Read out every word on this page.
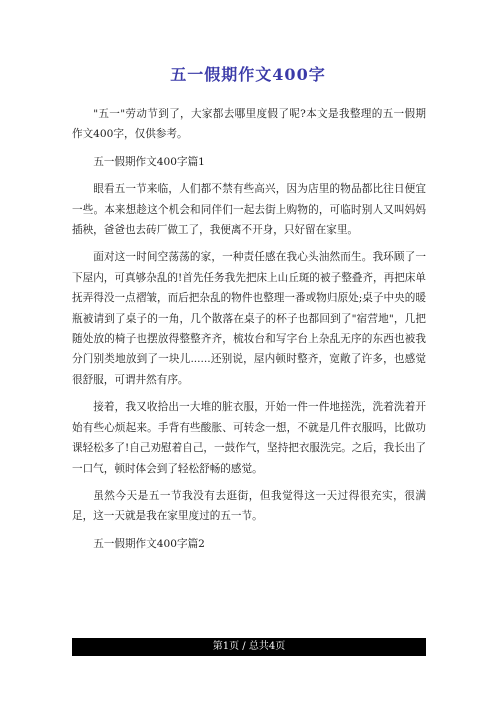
五一假期作文400字

"五一"劳动节到了，大家都去哪里度假了呢?本文是我整理的五一假期作文400字，仅供参考。

五一假期作文400字篇1

眼看五一节来临，人们都不禁有些高兴，因为店里的物品都比往日便宜一些。本来想趁这个机会和同伴们一起去街上购物的，可临时别人又叫妈妈插秧，爸爸也去砖厂做工了，我便离不开身，只好留在家里。

面对这一时间空荡荡的家，一种责任感在我心头油然而生。我环顾了一下屋内，可真够杂乱的!首先任务我先把床上山丘斑的被子整叠齐，再把床单抚弄得没一点褶皱，而后把杂乱的物件也整理一番或物归原处;桌子中央的暖瓶被请到了桌子的一角，几个散落在桌子的杯子也都回到了"宿营地"，几把随处放的椅子也摆放得整整齐齐，梳妆台和写字台上杂乱无序的东西也被我分门别类地放到了一块儿......还别说，屋内顿时整齐，宽敞了许多，也感觉很舒服，可谓井然有序。

接着，我又收拾出一大堆的脏衣服，开始一件一件地搓洗，洗着洗着开始有些心烦起来。手背有些酸胀、可转念一想，不就是几件衣服吗，比做功课轻松多了!自己劝慰着自己，一鼓作气，坚持把衣服洗完。之后，我长出了一口气，顿时体会到了轻松舒畅的感觉。

虽然今天是五一节我没有去逛街，但我觉得这一天过得很充实，很满足，这一天就是我在家里度过的五一节。

五一假期作文400字篇2

第1页 / 总共4页
